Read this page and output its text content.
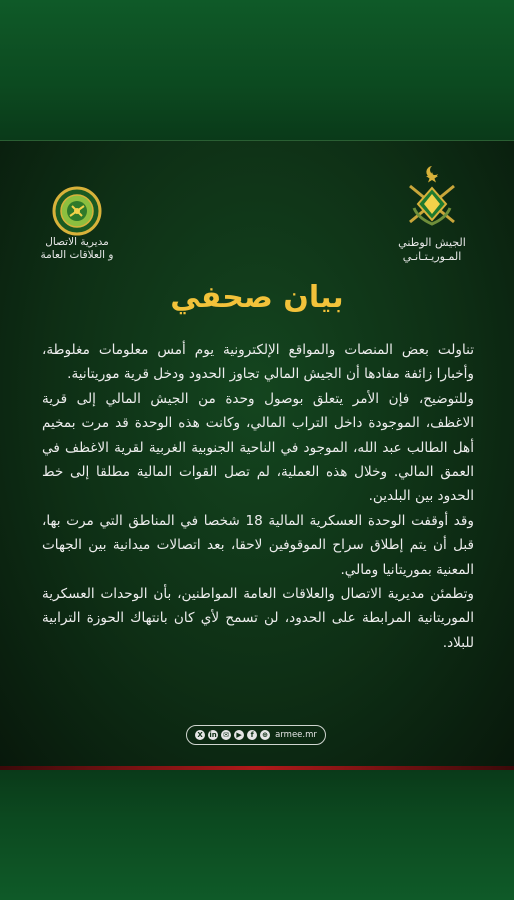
مديرية الاتصال
و العلاقات العامة
الجيش الوطني
المـوريـتـانـي
بيان صحفي

تناولت بعض المنصات والمواقع الإلكترونية يوم أمس معلومات مغلوطة، وأخبارا زائفة مفادها أن الجيش المالي تجاوز الحدود ودخل قرية موريتانية.

وللتوضيح، فإن الأمر يتعلق بوصول وحدة من الجيش المالي إلى قرية الاغظف، الموجودة داخل التراب المالي، وكانت هذه الوحدة قد مرت بمخيم أهل الطالب عبد الله، الموجود في الناحية الجنوبية الغربية لقرية الاغظف في العمق المالي. وخلال هذه العملية، لم تصل القوات المالية مطلقا إلى خط الحدود بين البلدين.

وقد أوقفت الوحدة العسكرية المالية 18 شخصا في المناطق التي مرت بها، قبل أن يتم إطلاق سراح الموقوفين لاحقا، بعد اتصالات ميدانية بين الجهات المعنية بموريتانيا ومالي.

وتطمئن مديرية الاتصال والعلاقات العامة المواطنين، بأن الوحدات العسكرية الموريتانية المرابطة على الحدود، لن تسمح لأي كان بانتهاك الحوزة الترابية للبلاد.

X in ✉	▶	f	⊕ armee.mr
